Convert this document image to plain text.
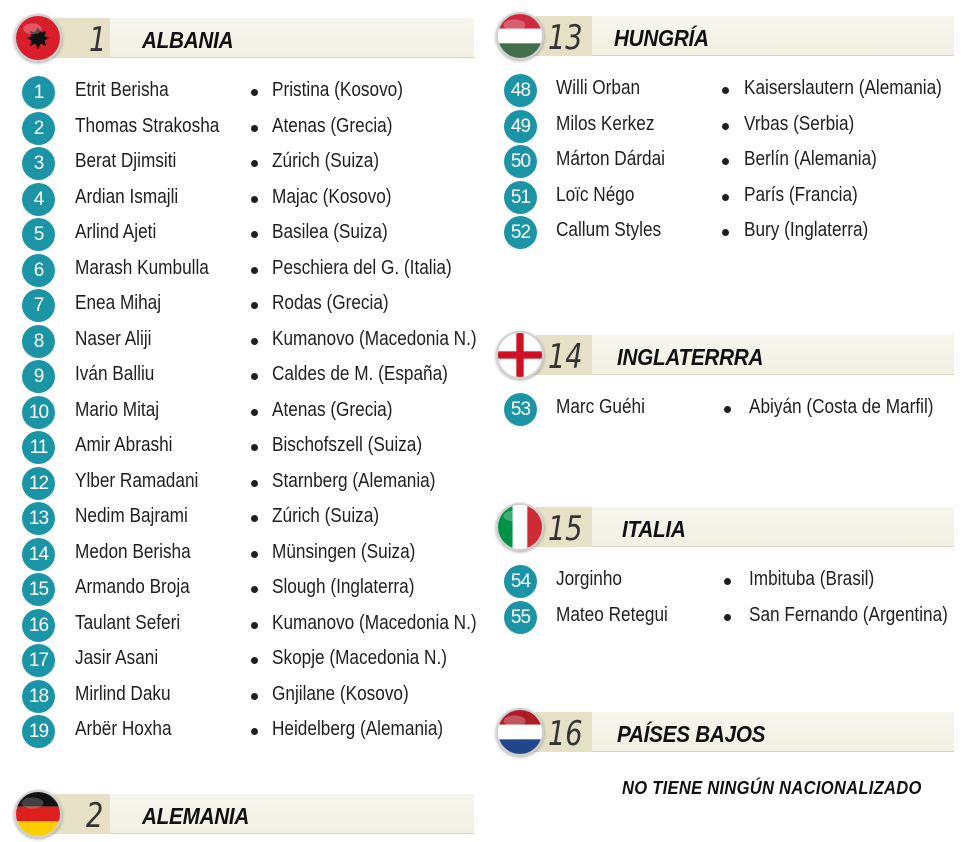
1 ALBANIA
1	Etrit Berisha	Pristina (Kosovo)
2	Thomas Strakosha	Atenas (Grecia)
3	Berat Djimsiti	Zúrich (Suiza)
4	Ardian Ismajli	Majac (Kosovo)
5	Arlind Ajeti	Basilea (Suiza)
6	Marash Kumbulla	Peschiera del G. (Italia)
7	Enea Mihaj	Rodas (Grecia)
8	Naser Aliji	Kumanovo (Macedonia N.)
9	Iván Balliu	Caldes de M. (España)
10	Mario Mitaj	Atenas (Grecia)
11	Amir Abrashi	Bischofszell (Suiza)
12	Ylber Ramadani	Starnberg (Alemania)
13	Nedim Bajrami	Zúrich (Suiza)
14	Medon Berisha	Münsingen (Suiza)
15	Armando Broja	Slough (Inglaterra)
16	Taulant Seferi	Kumanovo (Macedonia N.)
17	Jasir Asani	Skopje (Macedonia N.)
18	Mirlind Daku	Gnjilane (Kosovo)
19	Arbër Hoxha	Heidelberg (Alemania)
2 ALEMANIA
13 HUNGRÍA
48	Willi Orban	Kaiserslautern (Alemania)
49	Milos Kerkez	Vrbas (Serbia)
50	Márton Dárdai	Berlín (Alemania)
51	Loïc Négo	París (Francia)
52	Callum Styles	Bury (Inglaterra)
14 INGLATERRRA
53	Marc Guéhi	Abiyán (Costa de Marfil)
15 ITALIA
54	Jorginho	Imbituba (Brasil)
55	Mateo Retegui	San Fernando (Argentina)
16 PAÍSES BAJOS
NO TIENE NINGÚN NACIONALIZADO
